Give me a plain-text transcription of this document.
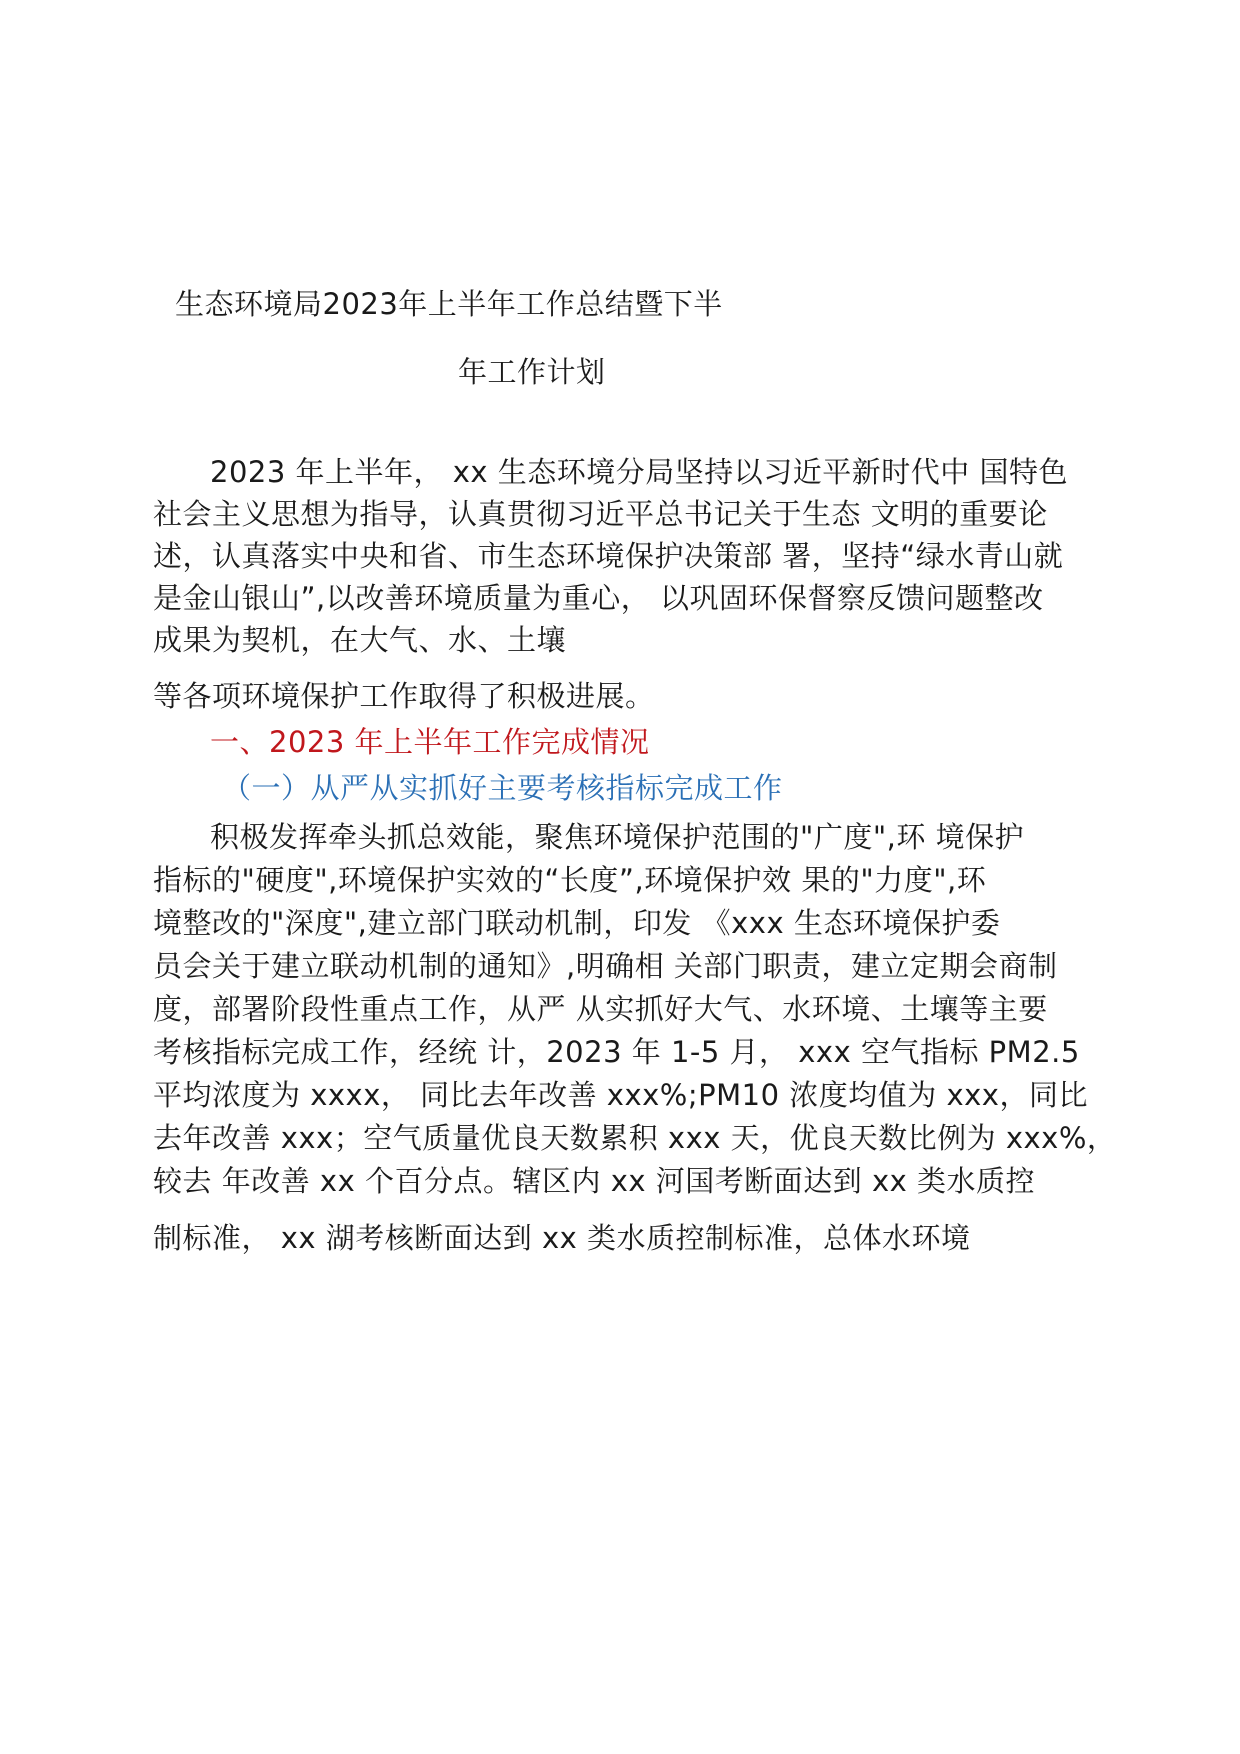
生态环境局2023年上半年工作总结暨下半
年工作计划
2023 年上半年， xx 生态环境分局坚持以习近平新时代中 国特色
社会主义思想为指导，认真贯彻习近平总书记关于生态 文明的重要论
述，认真落实中央和省、市生态环境保护决策部 署，坚持“绿水青山就
是金山银山”,以改善环境质量为重心， 以巩固环保督察反馈问题整改
成果为契机，在大气、水、土壤
等各项环境保护工作取得了积极进展。
一、2023 年上半年工作完成情况
（一）从严从实抓好主要考核指标完成工作
积极发挥牵头抓总效能，聚焦环境保护范围的"广度",环 境保护
指标的"硬度",环境保护实效的“长度”,环境保护效 果的"力度",环
境整改的"深度",建立部门联动机制，印发 《xxx 生态环境保护委
员会关于建立联动机制的通知》,明确相 关部门职责，建立定期会商制
度，部署阶段性重点工作，从严 从实抓好大气、水环境、土壤等主要
考核指标完成工作，经统 计，2023 年 1-5 月， xxx 空气指标 PM2.5
平均浓度为 xxxx， 同比去年改善 xxx%;PM10 浓度均值为 xxx，同比
去年改善 xxx；空气质量优良天数累积 xxx 天，优良天数比例为 xxx%，
较去 年改善 xx 个百分点。辖区内 xx 河国考断面达到 xx 类水质控
制标准， xx 湖考核断面达到 xx 类水质控制标准，总体水环境
